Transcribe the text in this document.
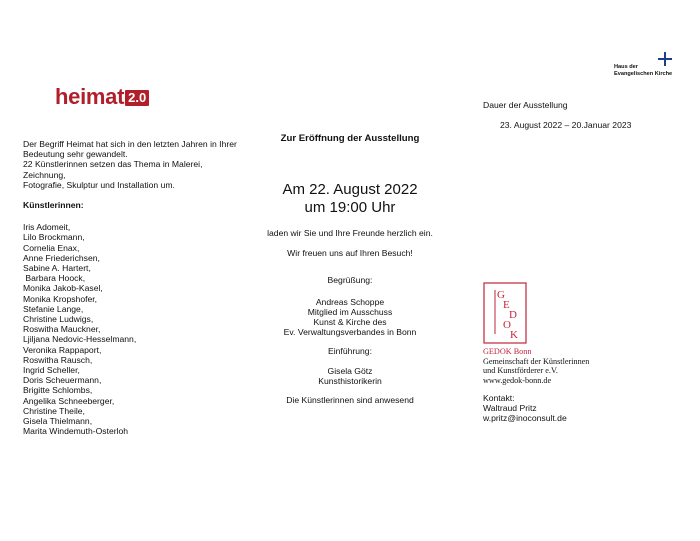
heimat 2.0

Der Begriff Heimat hat sich in den letzten Jahren in Ihrer

Bedeutung sehr gewandelt.

22 Künstlerinnen setzen das Thema in Malerei, Zeichnung,

Fotografie, Skulptur und Installation um.

Künstlerinnen:

Iris Adomeit,
Lilo Brockmann,
Cornelia Enax,
Anne Friederichsen,
Sabine A. Hartert,
Barbara Hoock,
Monika Jakob-Kasel,
Monika Kropshofer,
Stefanie Lange,
Christine Ludwigs,
Roswitha Mauckner,
Ljiljana Nedovic-Hesselmann,
Veronika Rappaport,
Roswitha Rausch,
Ingrid Scheller,
Doris Scheuermann,
Brigitte Schlombs,
Angelika Schneeberger,
Christine Theile,
Gisela Thielmann,
Marita Windemuth-Osterloh
Zur Eröffnung der Ausstellung
Am 22. August 2022
um 19:00 Uhr
laden wir Sie und Ihre Freunde herzlich ein.
Wir freuen uns auf Ihren Besuch!
Begrüßung:
Andreas Schoppe
Mitglied im Ausschuss
Kunst & Kirche des
Ev. Verwaltungsverbandes in Bonn
Einführung:
Gisela Götz
Kunsthistorikerin
Die Künstlerinnen sind anwesend
Haus der
Evangelischen Kirche
Dauer der Ausstellung
23. August 2022 – 20.Januar 2023
G
E
D
O
K
GEDOK Bonn
Gemeinschaft der Künstlerinnen
und Kunstförderer e.V.
www.gedok-bonn.de
Kontakt:
Waltraud Pritz
w.pritz@inoconsult.de
